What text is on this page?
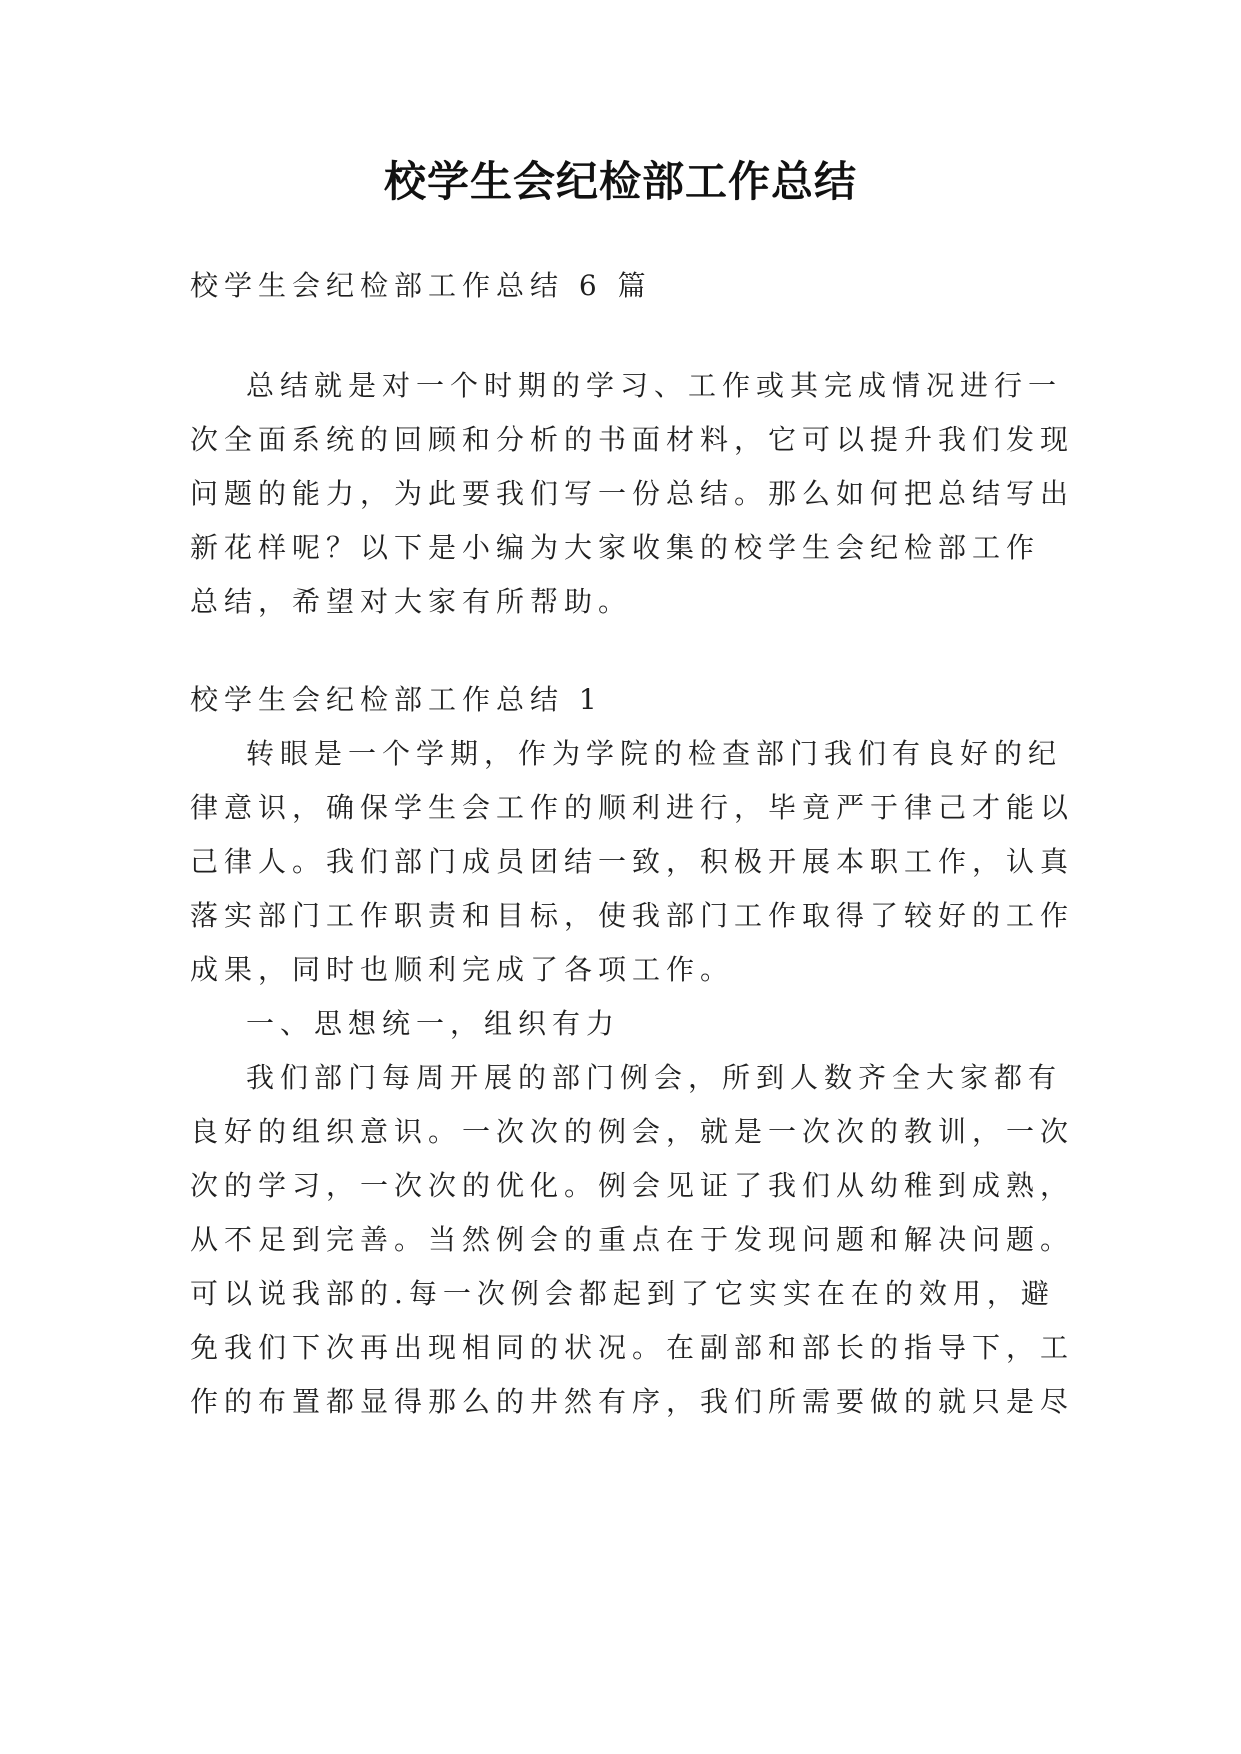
校学生会纪检部工作总结
校学生会纪检部工作总结 6 篇
总结就是对一个时期的学习、工作或其完成情况进行一
次全面系统的回顾和分析的书面材料，它可以提升我们发现
问题的能力，为此要我们写一份总结。那么如何把总结写出
新花样呢？以下是小编为大家收集的校学生会纪检部工作
总结，希望对大家有所帮助。
校学生会纪检部工作总结 1
转眼是一个学期，作为学院的检查部门我们有良好的纪
律意识，确保学生会工作的顺利进行，毕竟严于律己才能以
己律人。我们部门成员团结一致，积极开展本职工作，认真
落实部门工作职责和目标，使我部门工作取得了较好的工作
成果，同时也顺利完成了各项工作。
一、思想统一，组织有力
我们部门每周开展的部门例会，所到人数齐全大家都有
良好的组织意识。一次次的例会，就是一次次的教训，一次
次的学习，一次次的优化。例会见证了我们从幼稚到成熟，
从不足到完善。当然例会的重点在于发现问题和解决问题。
可以说我部的.每一次例会都起到了它实实在在的效用，避
免我们下次再出现相同的状况。在副部和部长的指导下，工
作的布置都显得那么的井然有序，我们所需要做的就只是尽
